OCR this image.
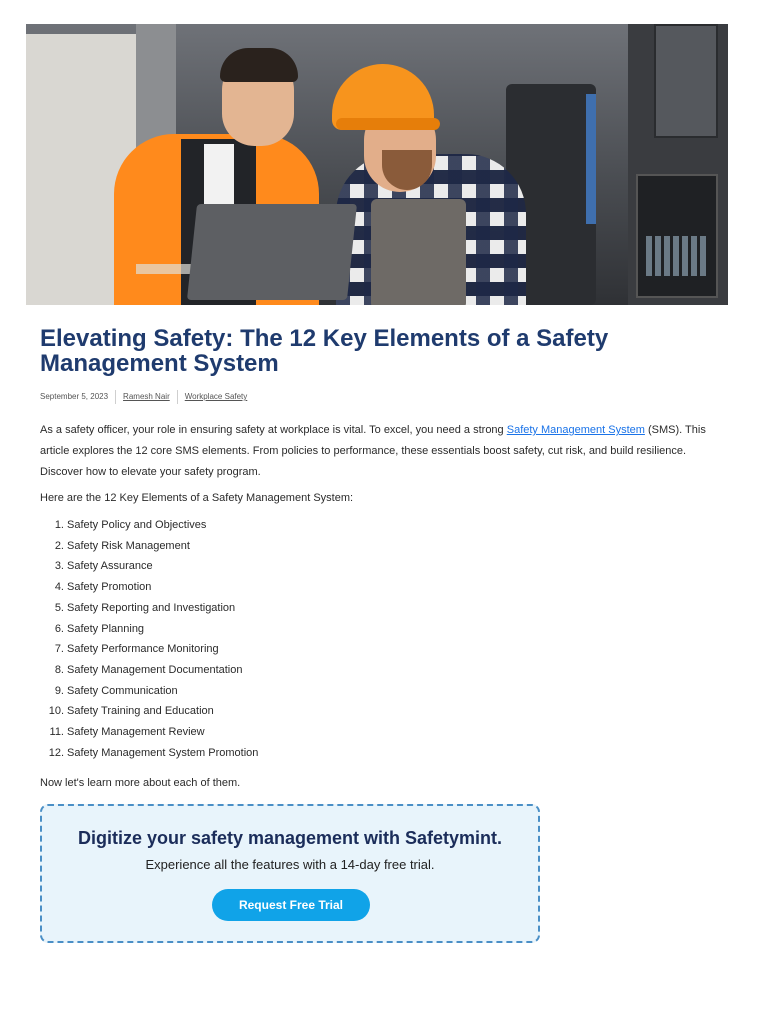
Elevating Safety: The 12 Key Elements of a Safety Management System
September 5, 2023 Ramesh Nair Workplace Safety

As a safety officer, your role in ensuring safety at workplace is vital. To excel, you need a strong Safety Management System (SMS). This article explores the 12 core SMS elements. From policies to performance, these essentials boost safety, cut risk, and build resilience. Discover how to elevate your safety program.

Here are the 12 Key Elements of a Safety Management System:

1. Safety Policy and Objectives
2. Safety Risk Management
3. Safety Assurance
4. Safety Promotion
5. Safety Reporting and Investigation
6. Safety Planning
7. Safety Performance Monitoring
8. Safety Management Documentation
9. Safety Communication
10. Safety Training and Education
11. Safety Management Review
12. Safety Management System Promotion

Now let's learn more about each of them.

Digitize your safety management with Safetymint.
Experience all the features with a 14-day free trial.
Request Free Trial
